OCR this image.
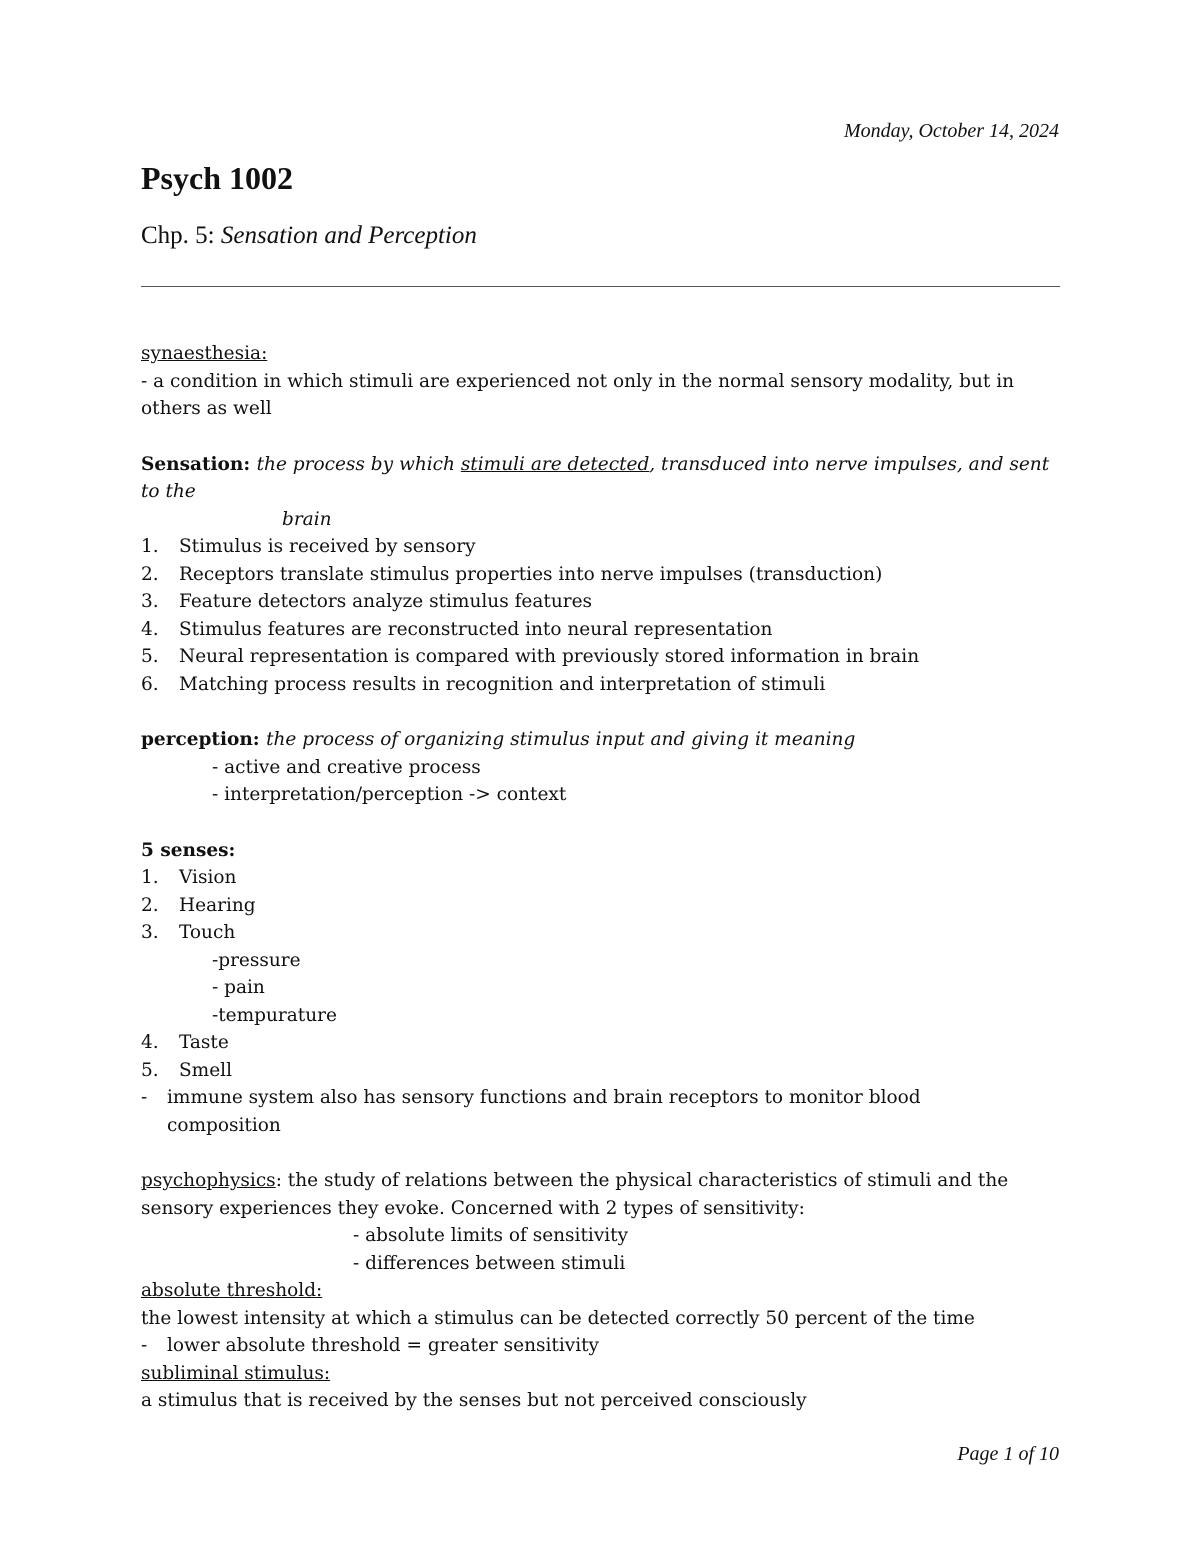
Monday, October 14, 2024
Psych 1002
Chp. 5: Sensation and Perception

synaesthesia:

- a condition in which stimuli are experienced not only in the normal sensory modality, but in others as well

Sensation: the process by which stimuli are detected, transduced into nerve impulses, and sent to the

brain

1.	Stimulus is received by sensory
2.	Receptors translate stimulus properties into nerve impulses (transduction)
3.	Feature detectors analyze stimulus features
4.	Stimulus features are reconstructed into neural representation
5.	Neural representation is compared with previously stored information in brain
6.	Matching process results in recognition and interpretation of stimuli

perception: the process of organizing stimulus input and giving it meaning

- active and creative process

- interpretation/perception -> context

5 senses:

1.	Vision
2.	Hearing
3.	Touch

-pressure

- pain

-tempurature

4.	Taste
5.	Smell
-	immune system also has sensory functions and brain receptors to monitor blood
composition

psychophysics: the study of relations between the physical characteristics of stimuli and the sensory experiences they evoke. Concerned with 2 types of sensitivity:

- absolute limits of sensitivity

- differences between stimuli

absolute threshold:

the lowest intensity at which a stimulus can be detected correctly 50 percent of the time

-	lower absolute threshold = greater sensitivity

subliminal stimulus:

a stimulus that is received by the senses but not perceived consciously

Page 1 of 10
